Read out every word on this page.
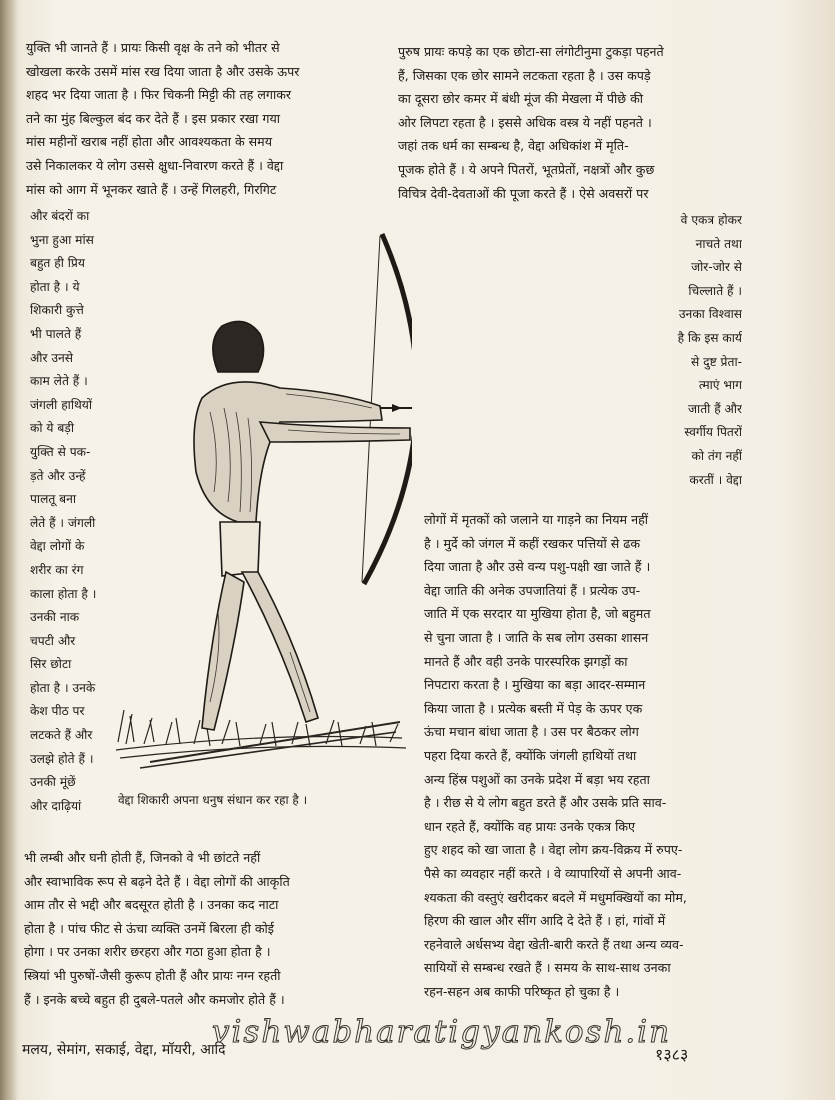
युक्ति भी जानते हैं । प्रायः किसी वृक्ष के तने को भीतर से
खोखला करके उसमें मांस रख दिया जाता है और उसके ऊपर
शहद भर दिया जाता है । फिर चिकनी मिट्टी की तह लगाकर
तने का मुंह बिल्कुल बंद कर देते हैं । इस प्रकार रखा गया
मांस महीनों खराब नहीं होता और आवश्यकता के समय
उसे निकालकर ये लोग उससे क्षुधा-निवारण करते हैं । वेद्दा
मांस को आग में भूनकर खाते हैं । उन्हें गिलहरी, गिरगिट
और बंदरों का
भुना हुआ मांस
बहुत ही प्रिय
होता है । ये
शिकारी कुत्ते
भी पालते हैं
और उनसे
काम लेते हैं ।
जंगली हाथियों
को ये बड़ी
युक्ति से पक-
ड़ते और उन्हें
पालतू बना
लेते हैं । जंगली
वेद्दा लोगों के
शरीर का रंग
काला होता है ।
उनकी नाक
चपटी और
सिर छोटा
होता है । उनके
केश पीठ पर
लटकते हैं और
उलझे होते हैं ।
उनकी मूंछें
और दाढ़ियां
भी लम्बी और घनी होती हैं, जिनको वे भी छांटते नहीं
और स्वाभाविक रूप से बढ़ने देते हैं । वेद्दा लोगों की आकृति
आम तौर से भद्दी और बदसूरत होती है । उनका कद नाटा
होता है । पांच फीट से ऊंचा व्यक्ति उनमें बिरला ही कोई
होगा । पर उनका शरीर छरहरा और गठा हुआ होता है ।
स्त्रियां भी पुरुषों-जैसी कुरूप होती हैं और प्रायः नग्न रहती
हैं । इनके बच्चे बहुत ही दुबले-पतले और कमजोर होते हैं ।
पुरुष प्रायः कपड़े का एक छोटा-सा लंगोटीनुमा टुकड़ा पहनते
हैं, जिसका एक छोर सामने लटकता रहता है । उस कपड़े
का दूसरा छोर कमर में बंधी मूंज की मेखला में पीछे की
ओर लिपटा रहता है । इससे अधिक वस्त्र ये नहीं पहनते ।
जहां तक धर्म का सम्बन्ध है, वेद्दा अधिकांश में मृति-
पूजक होते हैं । ये अपने पितरों, भूतप्रेतों, नक्षत्रों और कुछ
विचित्र देवी-देवताओं की पूजा करते हैं । ऐसे अवसरों पर
वे एकत्र होकर
नाचते तथा
जोर-जोर से
चिल्लाते हैं ।
उनका विश्वास
है कि इस कार्य
से दुष्ट प्रेता-
त्माएं भाग
जाती हैं और
स्वर्गीय पितरों
को तंग नहीं
करतीं । वेद्दा
लोगों में मृतकों को जलाने या गाड़ने का नियम नहीं
है । मुर्दे को जंगल में कहीं रखकर पत्तियों से ढक
दिया जाता है और उसे वन्य पशु-पक्षी खा जाते हैं ।
वेद्दा जाति की अनेक उपजातियां हैं । प्रत्येक उप-
जाति में एक सरदार या मुखिया होता है, जो बहुमत
से चुना जाता है । जाति के सब लोग उसका शासन
मानते हैं और वही उनके पारस्परिक झगड़ों का
निपटारा करता है । मुखिया का बड़ा आदर-सम्मान
किया जाता है । प्रत्येक बस्ती में पेड़ के ऊपर एक
ऊंचा मचान बांधा जाता है । उस पर बैठकर लोग
पहरा दिया करते हैं, क्योंकि जंगली हाथियों तथा
अन्य हिंस्र पशुओं का उनके प्रदेश में बड़ा भय रहता
है । रीछ से ये लोग बहुत डरते हैं और उसके प्रति साव-
धान रहते हैं, क्योंकि वह प्रायः उनके एकत्र किए
हुए शहद को खा जाता है । वेद्दा लोग क्रय-विक्रय में रुपए-
पैसे का व्यवहार नहीं करते । वे व्यापारियों से अपनी आव-
श्यकता की वस्तुएं खरीदकर बदले में मधुमक्खियों का मोम,
हिरण की खाल और सींग आदि दे देते हैं । हां, गांवों में
रहनेवाले अर्धसभ्य वेद्दा खेती-बारी करते हैं तथा अन्य व्यव-
सायियों से सम्बन्ध रखते हैं । समय के साथ-साथ उनका
रहन-सहन अब काफी परिष्कृत हो चुका है ।
वेद्दा शिकारी अपना धनुष संधान कर रहा है ।
मलय, सेमांग, सकाई, वेद्दा, मॉयरी, आदि
vishwabharatigyankosh.in
१३८३
